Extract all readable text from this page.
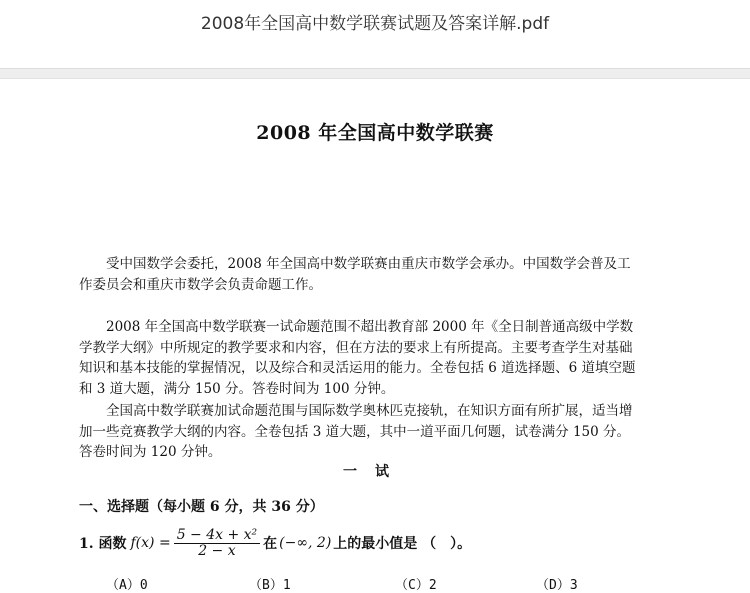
2008年全国高中数学联赛试题及答案详解.pdf
2008 年全国高中数学联赛
受中国数学会委托，2008 年全国高中数学联赛由重庆市数学会承办。中国数学会普及工作委员会和重庆市数学会负责命题工作。
2008 年全国高中数学联赛一试命题范围不超出教育部 2000 年《全日制普通高级中学数学教学大纲》中所规定的教学要求和内容，但在方法的要求上有所提高。主要考查学生对基础知识和基本技能的掌握情况，以及综合和灵活运用的能力。全卷包括 6 道选择题、6 道填空题和 3 道大题，满分 150 分。答卷时间为 100 分钟。
全国高中数学联赛加试命题范围与国际数学奥林匹克接轨，在知识方面有所扩展，适当增加一些竞赛教学大纲的内容。全卷包括 3 道大题，其中一道平面几何题，试卷满分 150 分。答卷时间为 120 分钟。
一试
一、选择题（每小题 6 分，共 36 分）
1. 函数 $f(x) = \frac{\text{5 − 4x + x²}}{2 - x}$ 在 (−∞, 2) 上的最小值是 （　）。
（A）0	（B）1	（C）2	（D）3
